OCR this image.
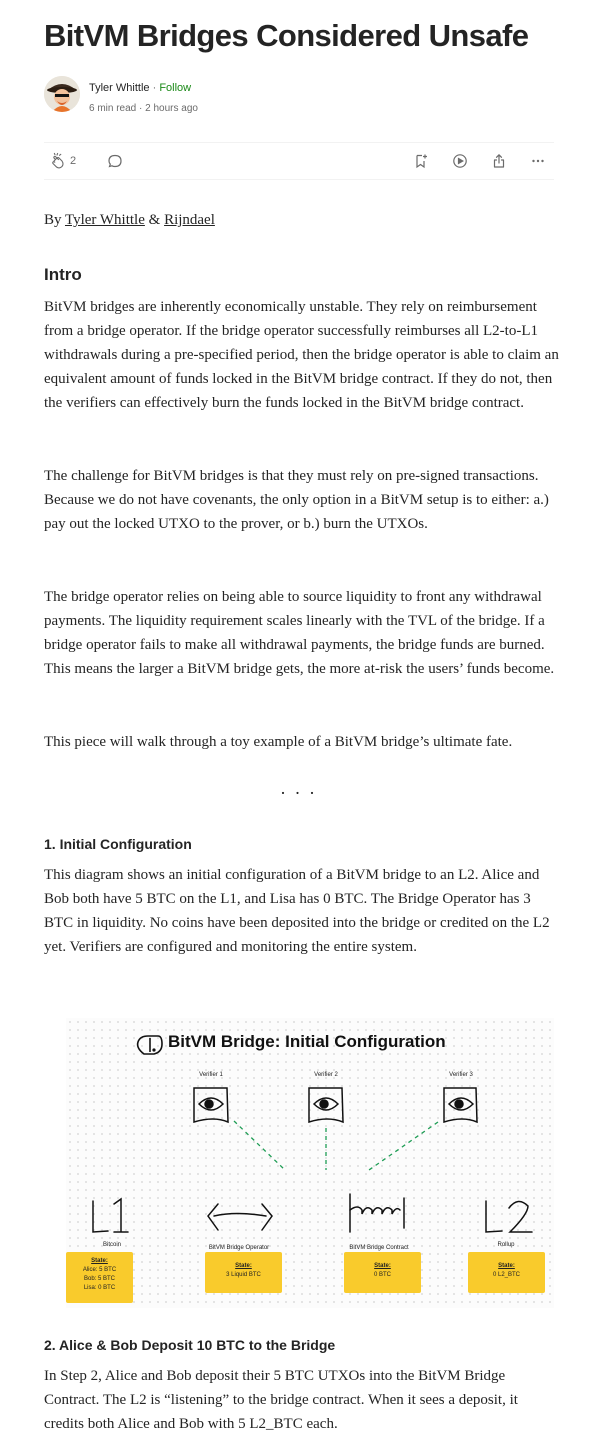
BitVM Bridges Considered Unsafe
Tyler Whittle · Follow
6 min read · 2 hours ago
2
By Tyler Whittle & Rijndael
Intro

BitVM bridges are inherently economically unstable. They rely on reimbursement from a bridge operator. If the bridge operator successfully reimburses all L2-to-L1 withdrawals during a pre-specified period, then the bridge operator is able to claim an equivalent amount of funds locked in the BitVM bridge contract. If they do not, then the verifiers can effectively burn the funds locked in the BitVM bridge contract.

The challenge for BitVM bridges is that they must rely on pre-signed transactions. Because we do not have covenants, the only option in a BitVM setup is to either: a.) pay out the locked UTXO to the prover, or b.) burn the UTXOs.

The bridge operator relies on being able to source liquidity to front any withdrawal payments. The liquidity requirement scales linearly with the TVL of the bridge. If a bridge operator fails to make all withdrawal payments, the bridge funds are burned. This means the larger a BitVM bridge gets, the more at-risk the users’ funds become.

This piece will walk through a toy example of a BitVM bridge’s ultimate fate.

...
1. Initial Configuration

This diagram shows an initial configuration of a BitVM bridge to an L2. Alice and Bob both have 5 BTC on the L1, and Lisa has 0 BTC. The Bridge Operator has 3 BTC in liquidity. No coins have been deposited into the bridge or credited on the L2 yet. Verifiers are configured and monitoring the entire system.

BitVM Bridge: Initial Configuration
Verifier 1	Verifier 2	Verifier 3
Bitcoin	BitVM Bridge Operator	BitVM Bridge Contract	Rollup
State:
Alice: 5 BTC
Bob: 5 BTC
Lisa: 0 BTC
State:
3 Liquid BTC
State:
0 BTC
State:
0 L2_BTC
2. Alice & Bob Deposit 10 BTC to the Bridge

In Step 2, Alice and Bob deposit their 5 BTC UTXOs into the BitVM Bridge Contract. The L2 is “listening” to the bridge contract. When it sees a deposit, it credits both Alice and Bob with 5 L2_BTC each.
